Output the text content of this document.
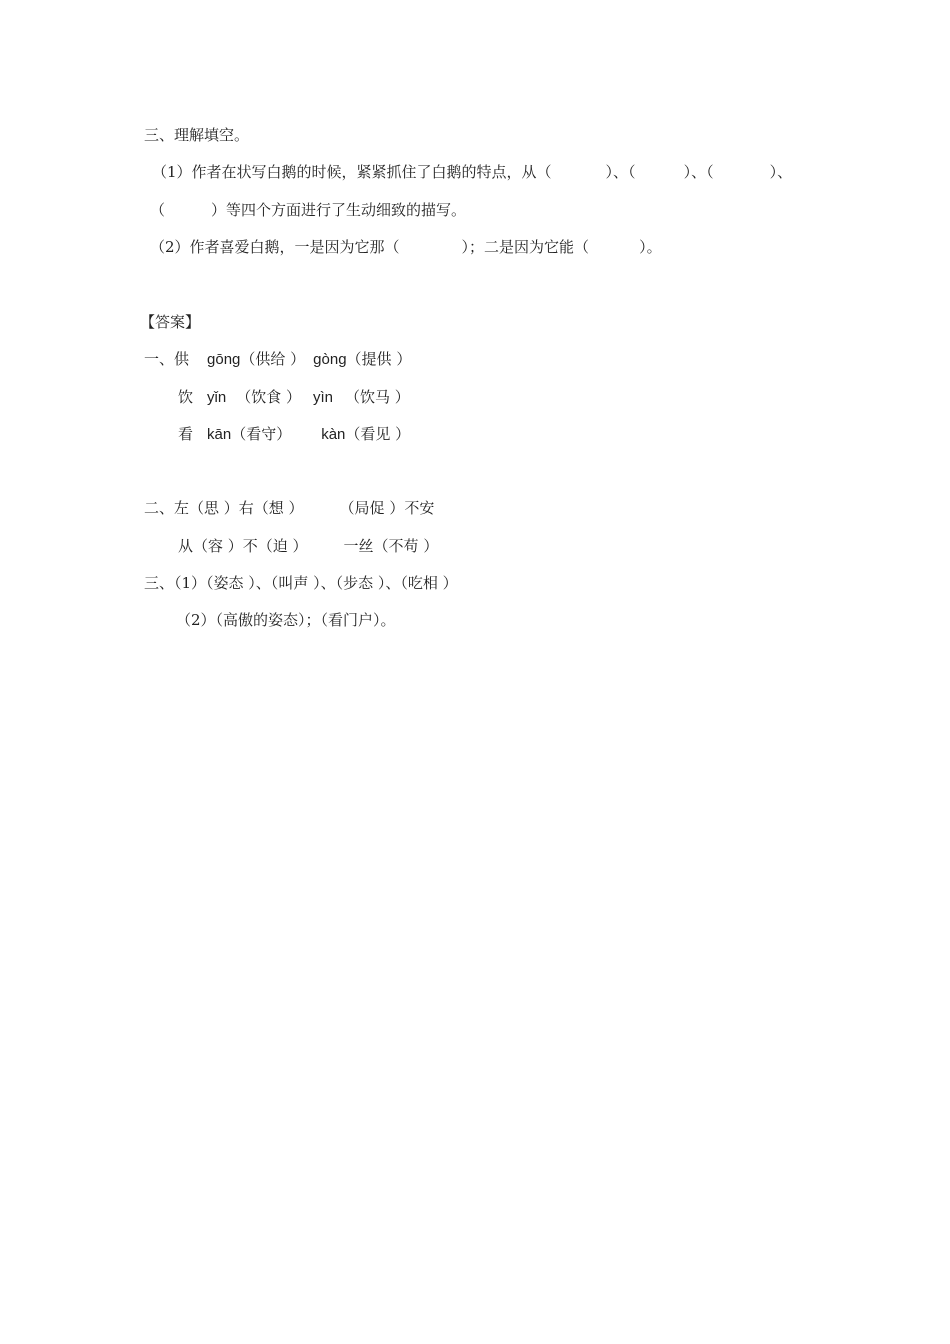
三、理解填空。
（1）作者在状写白鹅的时候，紧紧抓住了白鹅的特点，从（	）、（	）、（	）、
（	）等四个方面进行了生动细致的描写。
（2）作者喜爱白鹅，一是因为它那（	）；二是因为它能（	）。
【答案】
一、供 gōng（供给 ） gòng（提供 ）
饮 yǐn （饮食 ） yìn （饮马 ）
看 kān（看守） kàn（看见 ）
二、左（思 ）右（想 ） （局促 ）不安
从（容 ）不（迫 ） 一丝（不苟 ）
三、（1）（姿态 ）、（叫声 ）、（步态 ）、（吃相 ）
（2）（高傲的姿态）；（看门户）。
